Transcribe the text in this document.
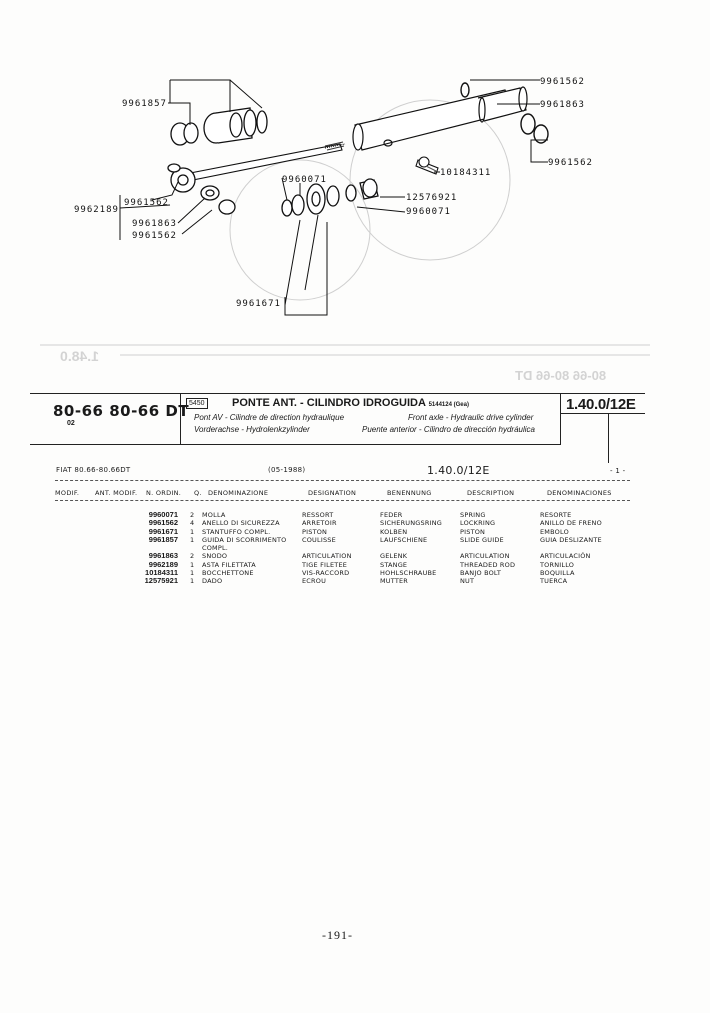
80-66 80-66 DT
1.48.0
9961562
9961863
9961562
10184311
12576921
9960071
9961857
9962189
9961562
9961863
9961562
9960071
9961671
80-66 80-66 DT
02
5450 PONTE ANT. - CILINDRO IDROGUIDA 5144124 (Gea)
Pont AV - Cilindre de direction hydraulique	Front axle - Hydraulic drive cylinder
Vorderachse - Hydrolenkzylinder	Puente anterior - Cilindro de dirección hydráulica
1.40.0/12E
FIAT 80.66-80.66DT	(05-1988)	1.40.0/12E	- 1 -
MODIF. ANT. MODIF. N. ORDIN. Q. DENOMINAZIONE	DESIGNATION	BENENNUNG	DESCRIPTION	DENOMINACIONES
9960071	2	MOLLA	RESSORT	FEDER	SPRING	RESORTE
9961562	4	ANELLO DI SICUREZZA	ARRETOIR	SICHERUNGSRING	LOCKRING	ANILLO DE FRENO
9961671	1	STANTUFFO COMPL.	PISTON	KOLBEN	PISTON	EMBOLO
9961857	1	GUIDA DI SCORRIMENTO	COULISSE	LAUFSCHIENE	SLIDE GUIDE	GUIA DESLIZANTE
		COMPL.				
9961863	2	SNODO	ARTICULATION	GELENK	ARTICULATION	ARTICULACIÓN
9962189	1	ASTA FILETTATA	TIGE FILETEE	STANGE	THREADED ROD	TORNILLO
10184311	1	BOCCHETTONE	VIS-RACCORD	HOHLSCHRAUBE	BANJO BOLT	BOQUILLA
12575921	1	DADO	ECROU	MUTTER	NUT	TUERCA
-191-
